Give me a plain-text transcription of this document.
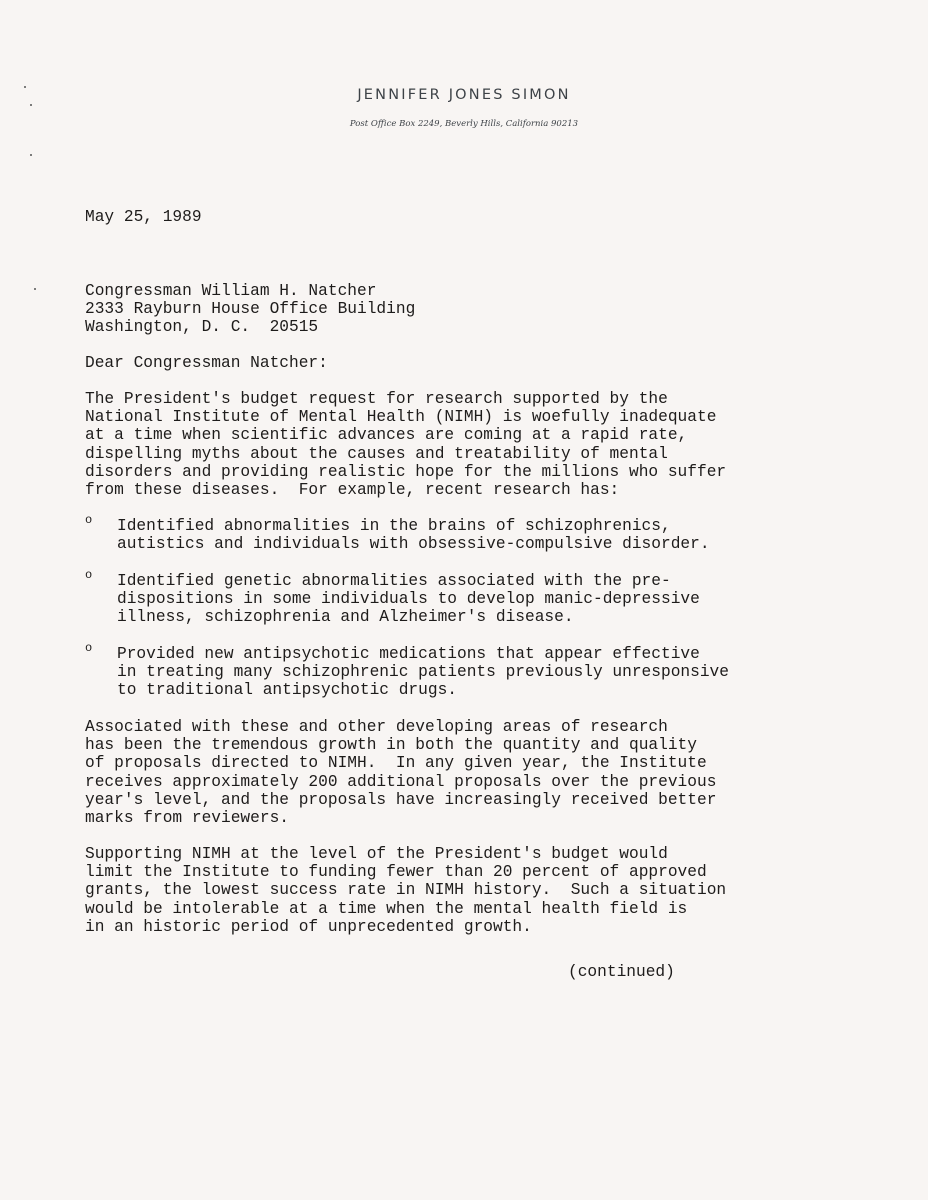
JENNIFER JONES SIMON
Post Office Box 2249, Beverly Hills, California 90213
May 25, 1989
Congressman William H. Natcher
2333 Rayburn House Office Building
Washington, D. C.  20515
Dear Congressman Natcher:
The President's budget request for research supported by the
National Institute of Mental Health (NIMH) is woefully inadequate
at a time when scientific advances are coming at a rapid rate,
dispelling myths about the causes and treatability of mental
disorders and providing realistic hope for the millions who suffer
from these diseases.  For example, recent research has:
o Identified abnormalities in the brains of schizophrenics,
autistics and individuals with obsessive-compulsive disorder.
o Identified genetic abnormalities associated with the pre-
dispositions in some individuals to develop manic-depressive
illness, schizophrenia and Alzheimer's disease.
o Provided new antipsychotic medications that appear effective
in treating many schizophrenic patients previously unresponsive
to traditional antipsychotic drugs.
Associated with these and other developing areas of research
has been the tremendous growth in both the quantity and quality
of proposals directed to NIMH.  In any given year, the Institute
receives approximately 200 additional proposals over the previous
year's level, and the proposals have increasingly received better
marks from reviewers.
Supporting NIMH at the level of the President's budget would
limit the Institute to funding fewer than 20 percent of approved
grants, the lowest success rate in NIMH history.  Such a situation
would be intolerable at a time when the mental health field is
in an historic period of unprecedented growth.
(continued)
